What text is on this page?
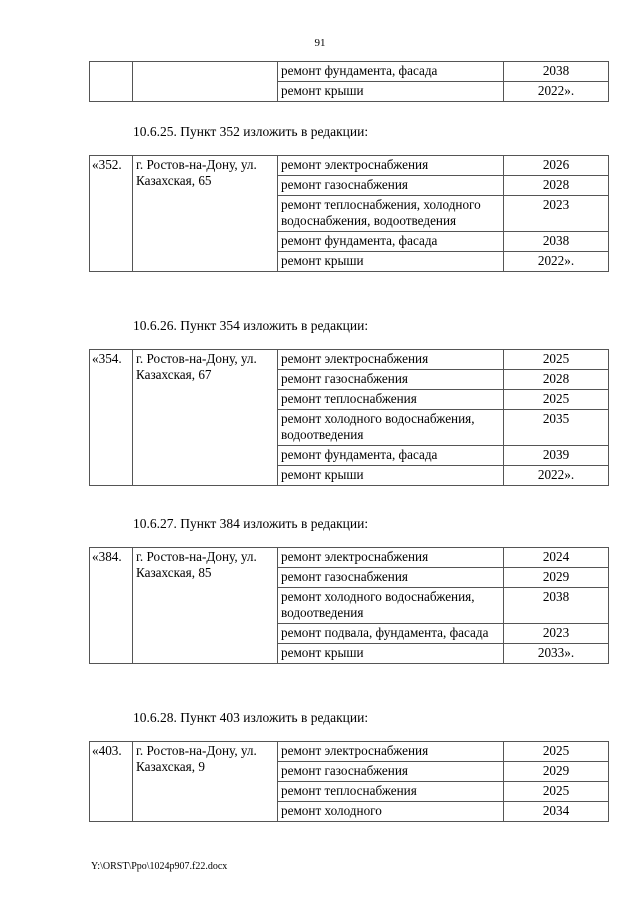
91
		ремонт фундамента, фасада	2038
		ремонт крыши	2022».
10.6.25. Пункт 352 изложить в редакции:
«352.	г. Ростов-на-Дону, ул. Казахская, 65	ремонт электроснабжения	2026
		ремонт газоснабжения	2028
		ремонт теплоснабжения, холодного водоснабжения, водоотведения	2023
		ремонт фундамента, фасада	2038
		ремонт крыши	2022».
10.6.26. Пункт 354 изложить в редакции:
«354.	г. Ростов-на-Дону, ул. Казахская, 67	ремонт электроснабжения	2025
		ремонт газоснабжения	2028
		ремонт теплоснабжения	2025
		ремонт холодного водоснабжения, водоотведения	2035
		ремонт фундамента, фасада	2039
		ремонт крыши	2022».
10.6.27. Пункт 384 изложить в редакции:
«384.	г. Ростов-на-Дону, ул. Казахская, 85	ремонт электроснабжения	2024
		ремонт газоснабжения	2029
		ремонт холодного водоснабжения, водоотведения	2038
		ремонт подвала, фундамента, фасада	2023
		ремонт крыши	2033».
10.6.28. Пункт 403 изложить в редакции:
«403.	г. Ростов-на-Дону, ул. Казахская, 9	ремонт электроснабжения	2025
		ремонт газоснабжения	2029
		ремонт теплоснабжения	2025
		ремонт холодного	2034
Y:\ORST\Ppo\1024p907.f22.docx
